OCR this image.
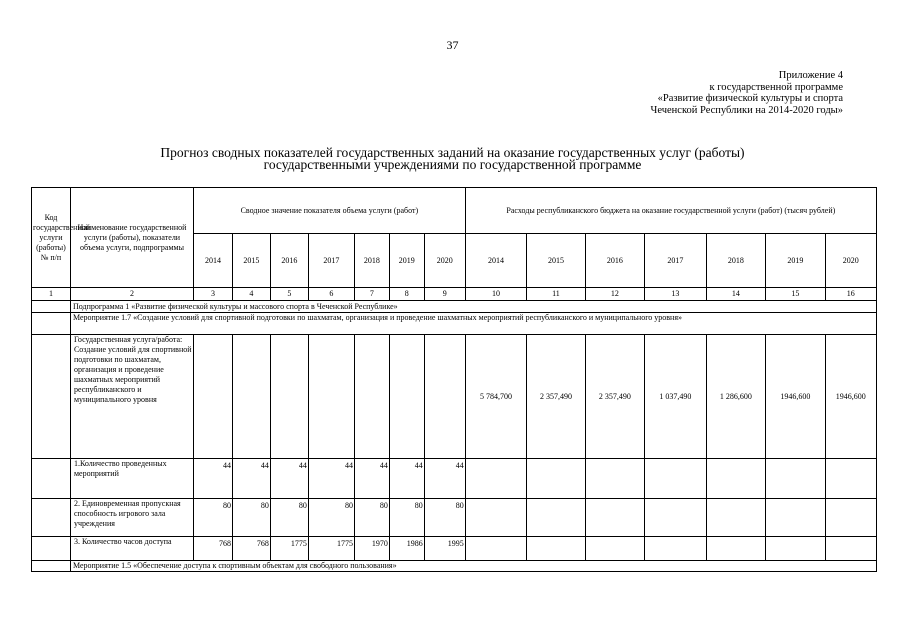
37
Приложение 4
к государственной программе
«Развитие физической культуры и спорта
Чеченской Республики на 2014-2020 годы»
Прогноз сводных показателей государственных заданий на оказание государственных услуг (работы)
государственными учреждениями по государственной программе
Код государственной услуги (работы) № п/п	Наименование государственной услуги (работы), показатели объема услуги, подпрограммы	Сводное значение показателя объема услуги (работ)							Расходы республиканского бюджета на оказание государственной услуги (работ) (тысяч рублей)						
		2014	2015	2016	2017	2018	2019	2020	2014	2015	2016	2017	2018	2019	2020
1	2	3	4	5	6	7	8	9	10	11	12	13	14	15	16
	Подпрограмма 1 «Развитие физической культуры и массового спорта в Чеченской Республике»														
	Мероприятие 1.7 «Создание условий для спортивной подготовки по шахматам, организация и проведение шахматных мероприятий республиканского и муниципального уровня»														
	Государственная услуга/работа: Создание условий для спортивной подготовки по шахматам, организация и проведение шахматных мероприятий республиканского и муниципального уровня								5 784,700	2 357,490	2 357,490	1 037,490	1 286,600	1946,600	1946,600
	1.Количество проведенных мероприятий	44	44	44	44	44	44	44							
	2. Единовременная пропускная способность игрового зала учреждения	80	80	80	80	80	80	80							
	3. Количество часов доступа	768	768	1775	1775	1970	1986	1995							
	Мероприятие 1.5 «Обеспечение доступа к спортивным объектам для свободного пользования»														
